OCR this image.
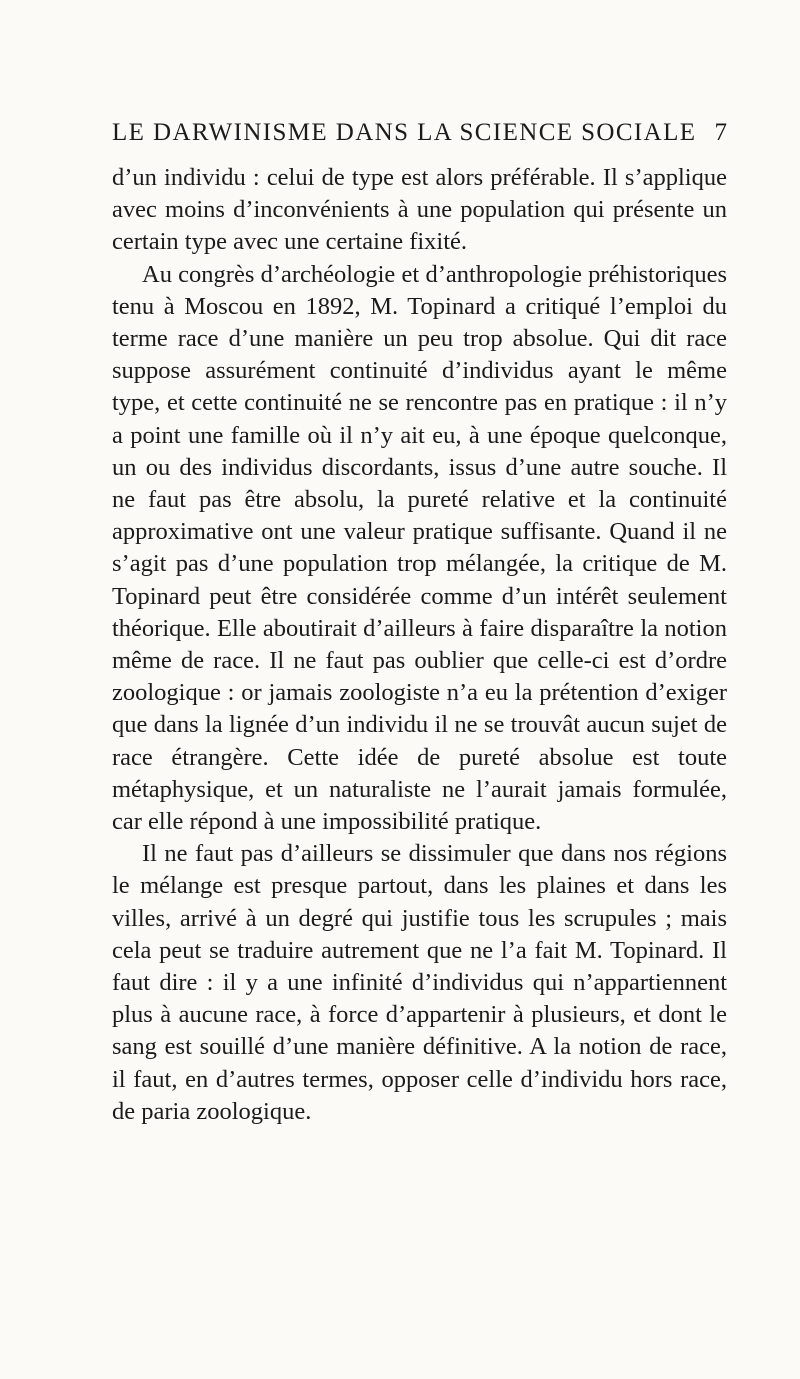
LE DARWINISME DANS LA SCIENCE SOCIALE 7

d’un individu : celui de type est alors préférable. Il s’applique avec moins d’inconvénients à une population qui présente un certain type avec une certaine fixité.

Au congrès d’archéologie et d’anthropologie préhistoriques tenu à Moscou en 1892, M. Topinard a critiqué l’emploi du terme race d’une manière un peu trop absolue. Qui dit race suppose assurément continuité d’individus ayant le même type, et cette continuité ne se rencontre pas en pratique : il n’y a point une famille où il n’y ait eu, à une époque quelconque, un ou des individus discordants, issus d’une autre souche. Il ne faut pas être absolu, la pureté relative et la continuité approximative ont une valeur pratique suffisante. Quand il ne s’agit pas d’une population trop mélangée, la critique de M. Topinard peut être considérée comme d’un intérêt seulement théorique. Elle aboutirait d’ailleurs à faire disparaître la notion même de race. Il ne faut pas oublier que celle-ci est d’ordre zoologique : or jamais zoologiste n’a eu la prétention d’exiger que dans la lignée d’un individu il ne se trouvât aucun sujet de race étrangère. Cette idée de pureté absolue est toute métaphysique, et un naturaliste ne l’aurait jamais formulée, car elle répond à une impossibilité pratique.

Il ne faut pas d’ailleurs se dissimuler que dans nos régions le mélange est presque partout, dans les plaines et dans les villes, arrivé à un degré qui justifie tous les scrupules ; mais cela peut se traduire autrement que ne l’a fait M. Topinard. Il faut dire : il y a une infinité d’individus qui n’appartiennent plus à aucune race, à force d’appartenir à plusieurs, et dont le sang est souillé d’une manière définitive. A la notion de race, il faut, en d’autres termes, opposer celle d’individu hors race, de paria zoologique.
